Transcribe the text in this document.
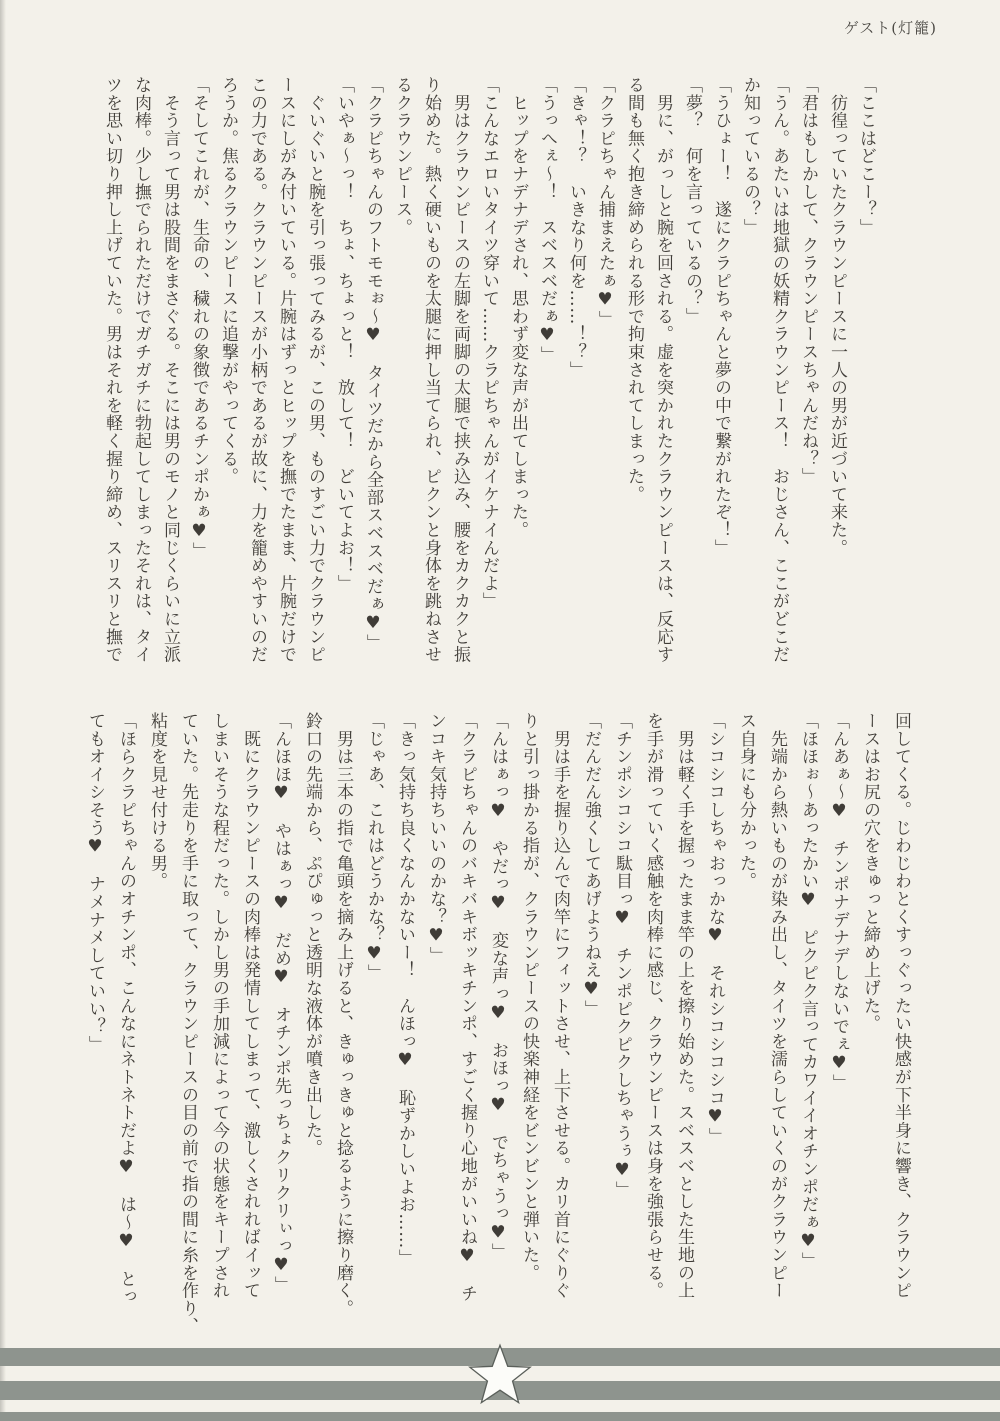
ゲスト(灯籠)

「ここはどこー？」

　彷徨っていたクラウンピースに一人の男が近づいて来た。

「君はもしかして、クラウンピースちゃんだね？」

「うん。あたいは地獄の妖精クラウンピース！　おじさん、ここがどこだ

か知っているの？」

「うひょー！　遂にクラピちゃんと夢の中で繋がれたぞ！」

「夢？　何を言っているの？」

　男に、がっしと腕を回される。虚を突かれたクラウンピースは、反応す

る間も無く抱き締められる形で拘束されてしまった。

「クラピちゃん捕まえたぁ♥」

「きゃ！？　いきなり何を……！？」

「うっへぇ〜！　スベスベだぁ♥」

　ヒップをナデナデされ、思わず変な声が出てしまった。

「こんなエロいタイツ穿いて……クラピちゃんがイケナイんだよ」

　男はクラウンピースの左脚を両脚の太腿で挟み込み、腰をカクカクと振

り始めた。熱く硬いものを太腿に押し当てられ、ピクンと身体を跳ねさせ

るクラウンピース。

「クラピちゃんのフトモモぉ〜♥　タイツだから全部スベスベだぁ♥」

「いやぁ〜っ！　ちょ、ちょっと！　放して！　どいてよお！」

　ぐいぐいと腕を引っ張ってみるが、この男、ものすごい力でクラウンピ

ースにしがみ付いている。片腕はずっとヒップを撫でたまま、片腕だけで

この力である。クラウンピースが小柄であるが故に、力を籠めやすいのだ

ろうか。焦るクラウンピースに追撃がやってくる。

「そしてこれが、生命の、穢れの象徴であるチンポかぁ♥」

　そう言って男は股間をまさぐる。そこには男のモノと同じくらいに立派

な肉棒。少し撫でられただけでガチガチに勃起してしまったそれは、タイ

ツを思い切り押し上げていた。男はそれを軽く握り締め、スリスリと撫で

回してくる。じわじわとくすっぐったい快感が下半身に響き、クラウンピ

ースはお尻の穴をきゅっと締め上げた。

「んあぁ〜♥　チンポナデナデしないでぇ♥」

「ほほぉ〜あったかい♥　ピクピク言ってカワイイオチンポだぁ♥」

　先端から熱いものが染み出し、タイツを濡らしていくのがクラウンピー

ス自身にも分かった。

「シコシコしちゃおっかな♥　それシコシコシコ♥」

　男は軽く手を握ったまま竿の上を擦り始めた。スベスベとした生地の上

を手が滑っていく感触を肉棒に感じ、クラウンピースは身を強張らせる。

「チンポシコシコ駄目っ♥　チンポピクピクしちゃうぅ♥」

「だんだん強くしてあげようねえ♥」

　男は手を握り込んで肉竿にフィットさせ、上下させる。カリ首にぐりぐ

りと引っ掛かる指が、クラウンピースの快楽神経をビンビンと弾いた。

「んはぁっ♥　やだっ♥　変な声っ♥　おほっ♥　でちゃうっ♥」

「クラピちゃんのバキバキボッキチンポ、すごく握り心地がいいね♥　チ

ンコキ気持ちいいのかな？♥」

「きっ気持ち良くなんかないー！　んほっ♥　恥ずかしいよお……」

「じゃあ、これはどうかな？♥」

　男は三本の指で亀頭を摘み上げると、きゅっきゅと捻るように擦り磨く。

鈴口の先端から、ぷぴゅっと透明な液体が噴き出した。

「んほほ♥　やはぁっ♥　だめ♥　オチンポ先っちょクリクリぃっ♥」

　既にクラウンピースの肉棒は発情してしまって、激しくされればイッて

しまいそうな程だった。しかし男の手加減によって今の状態をキープされ

ていた。先走りを手に取って、クラウンピースの目の前で指の間に糸を作り、

粘度を見せ付ける男。

「ほらクラピちゃんのオチンポ、こんなにネトネトだよ♥　は〜♥　とっ

てもオイシそう♥　ナメナメしていい？」
